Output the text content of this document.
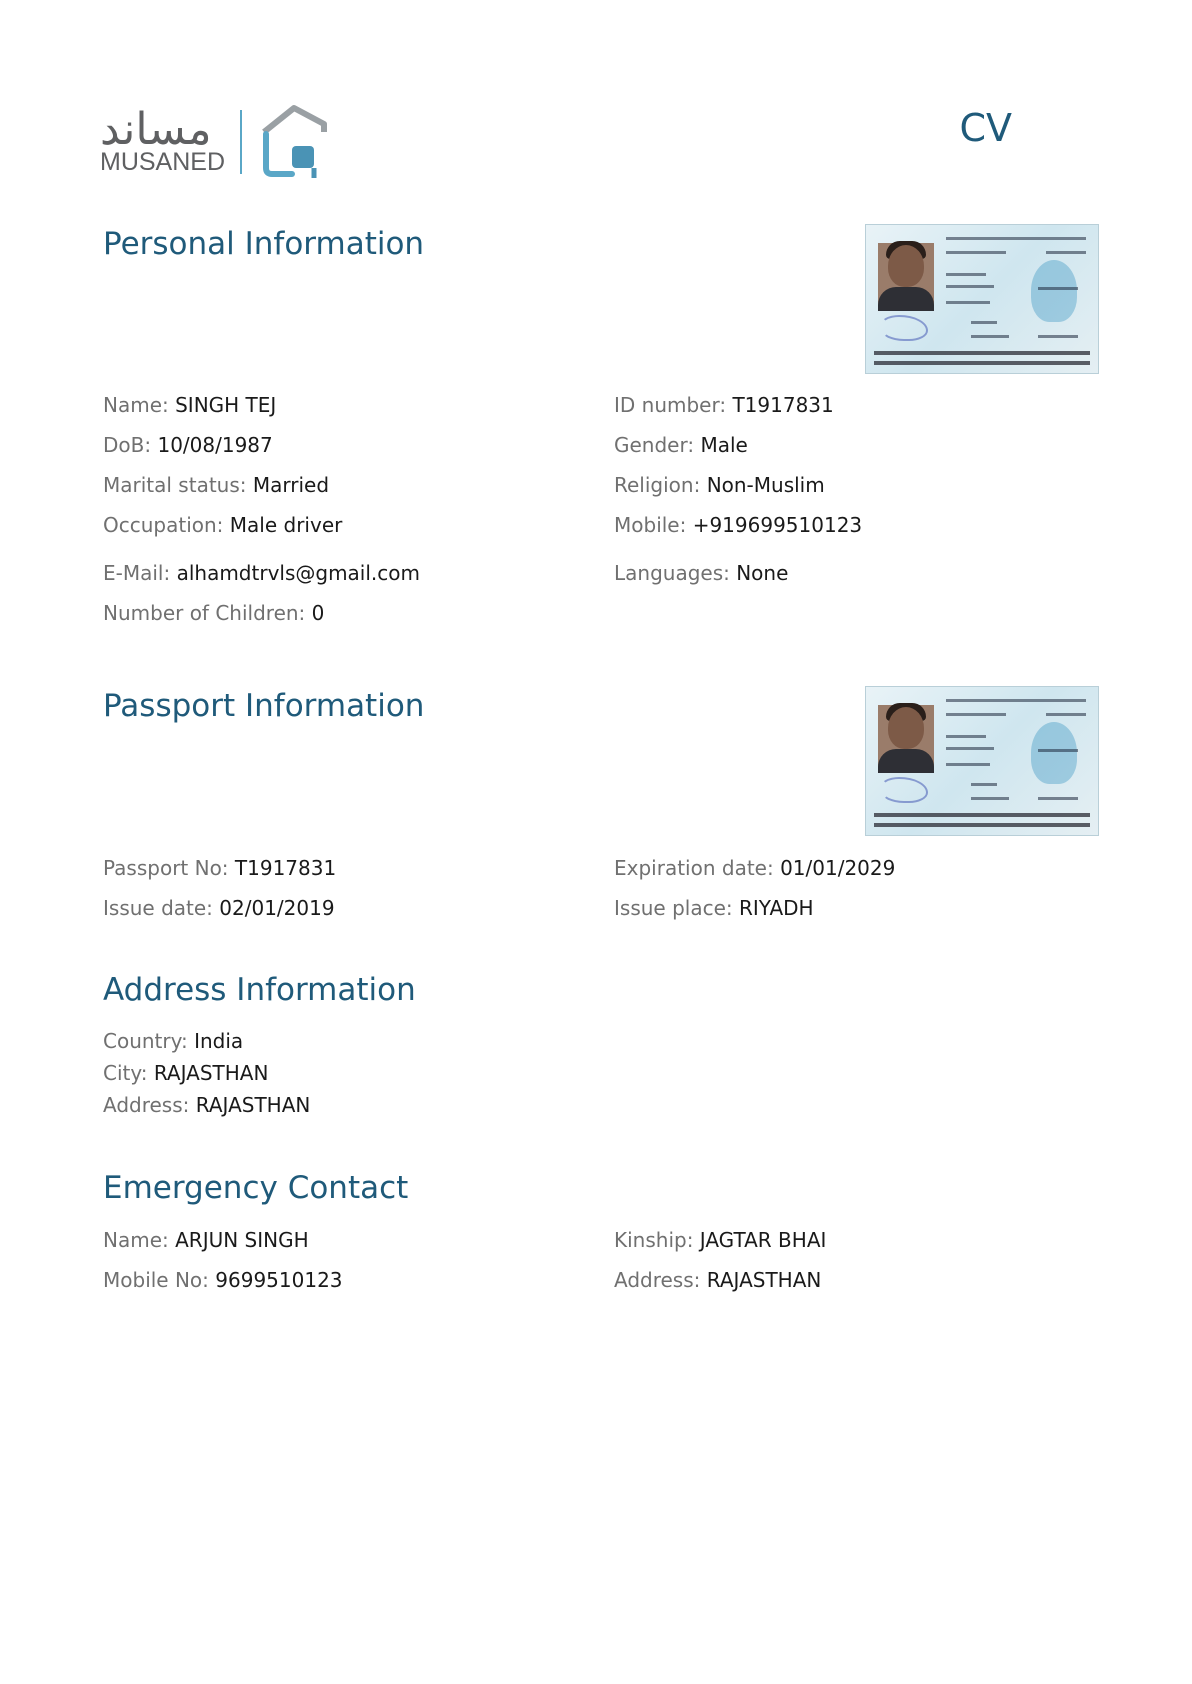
مساند
MUSANED
CV
Personal Information
Name: SINGH TEJ
DoB: 10/08/1987
Marital status: Married
Occupation: Male driver
E-Mail: alhamdtrvls@gmail.com
Number of Children: 0
ID number: T1917831
Gender: Male
Religion: Non-Muslim
Mobile: +919699510123
Languages: None
Passport Information
Passport No: T1917831
Issue date: 02/01/2019
Expiration date: 01/01/2029
Issue place: RIYADH
Address Information
Country: India
City: RAJASTHAN
Address: RAJASTHAN
Emergency Contact
Name: ARJUN SINGH
Mobile No: 9699510123
Kinship: JAGTAR BHAI
Address: RAJASTHAN
